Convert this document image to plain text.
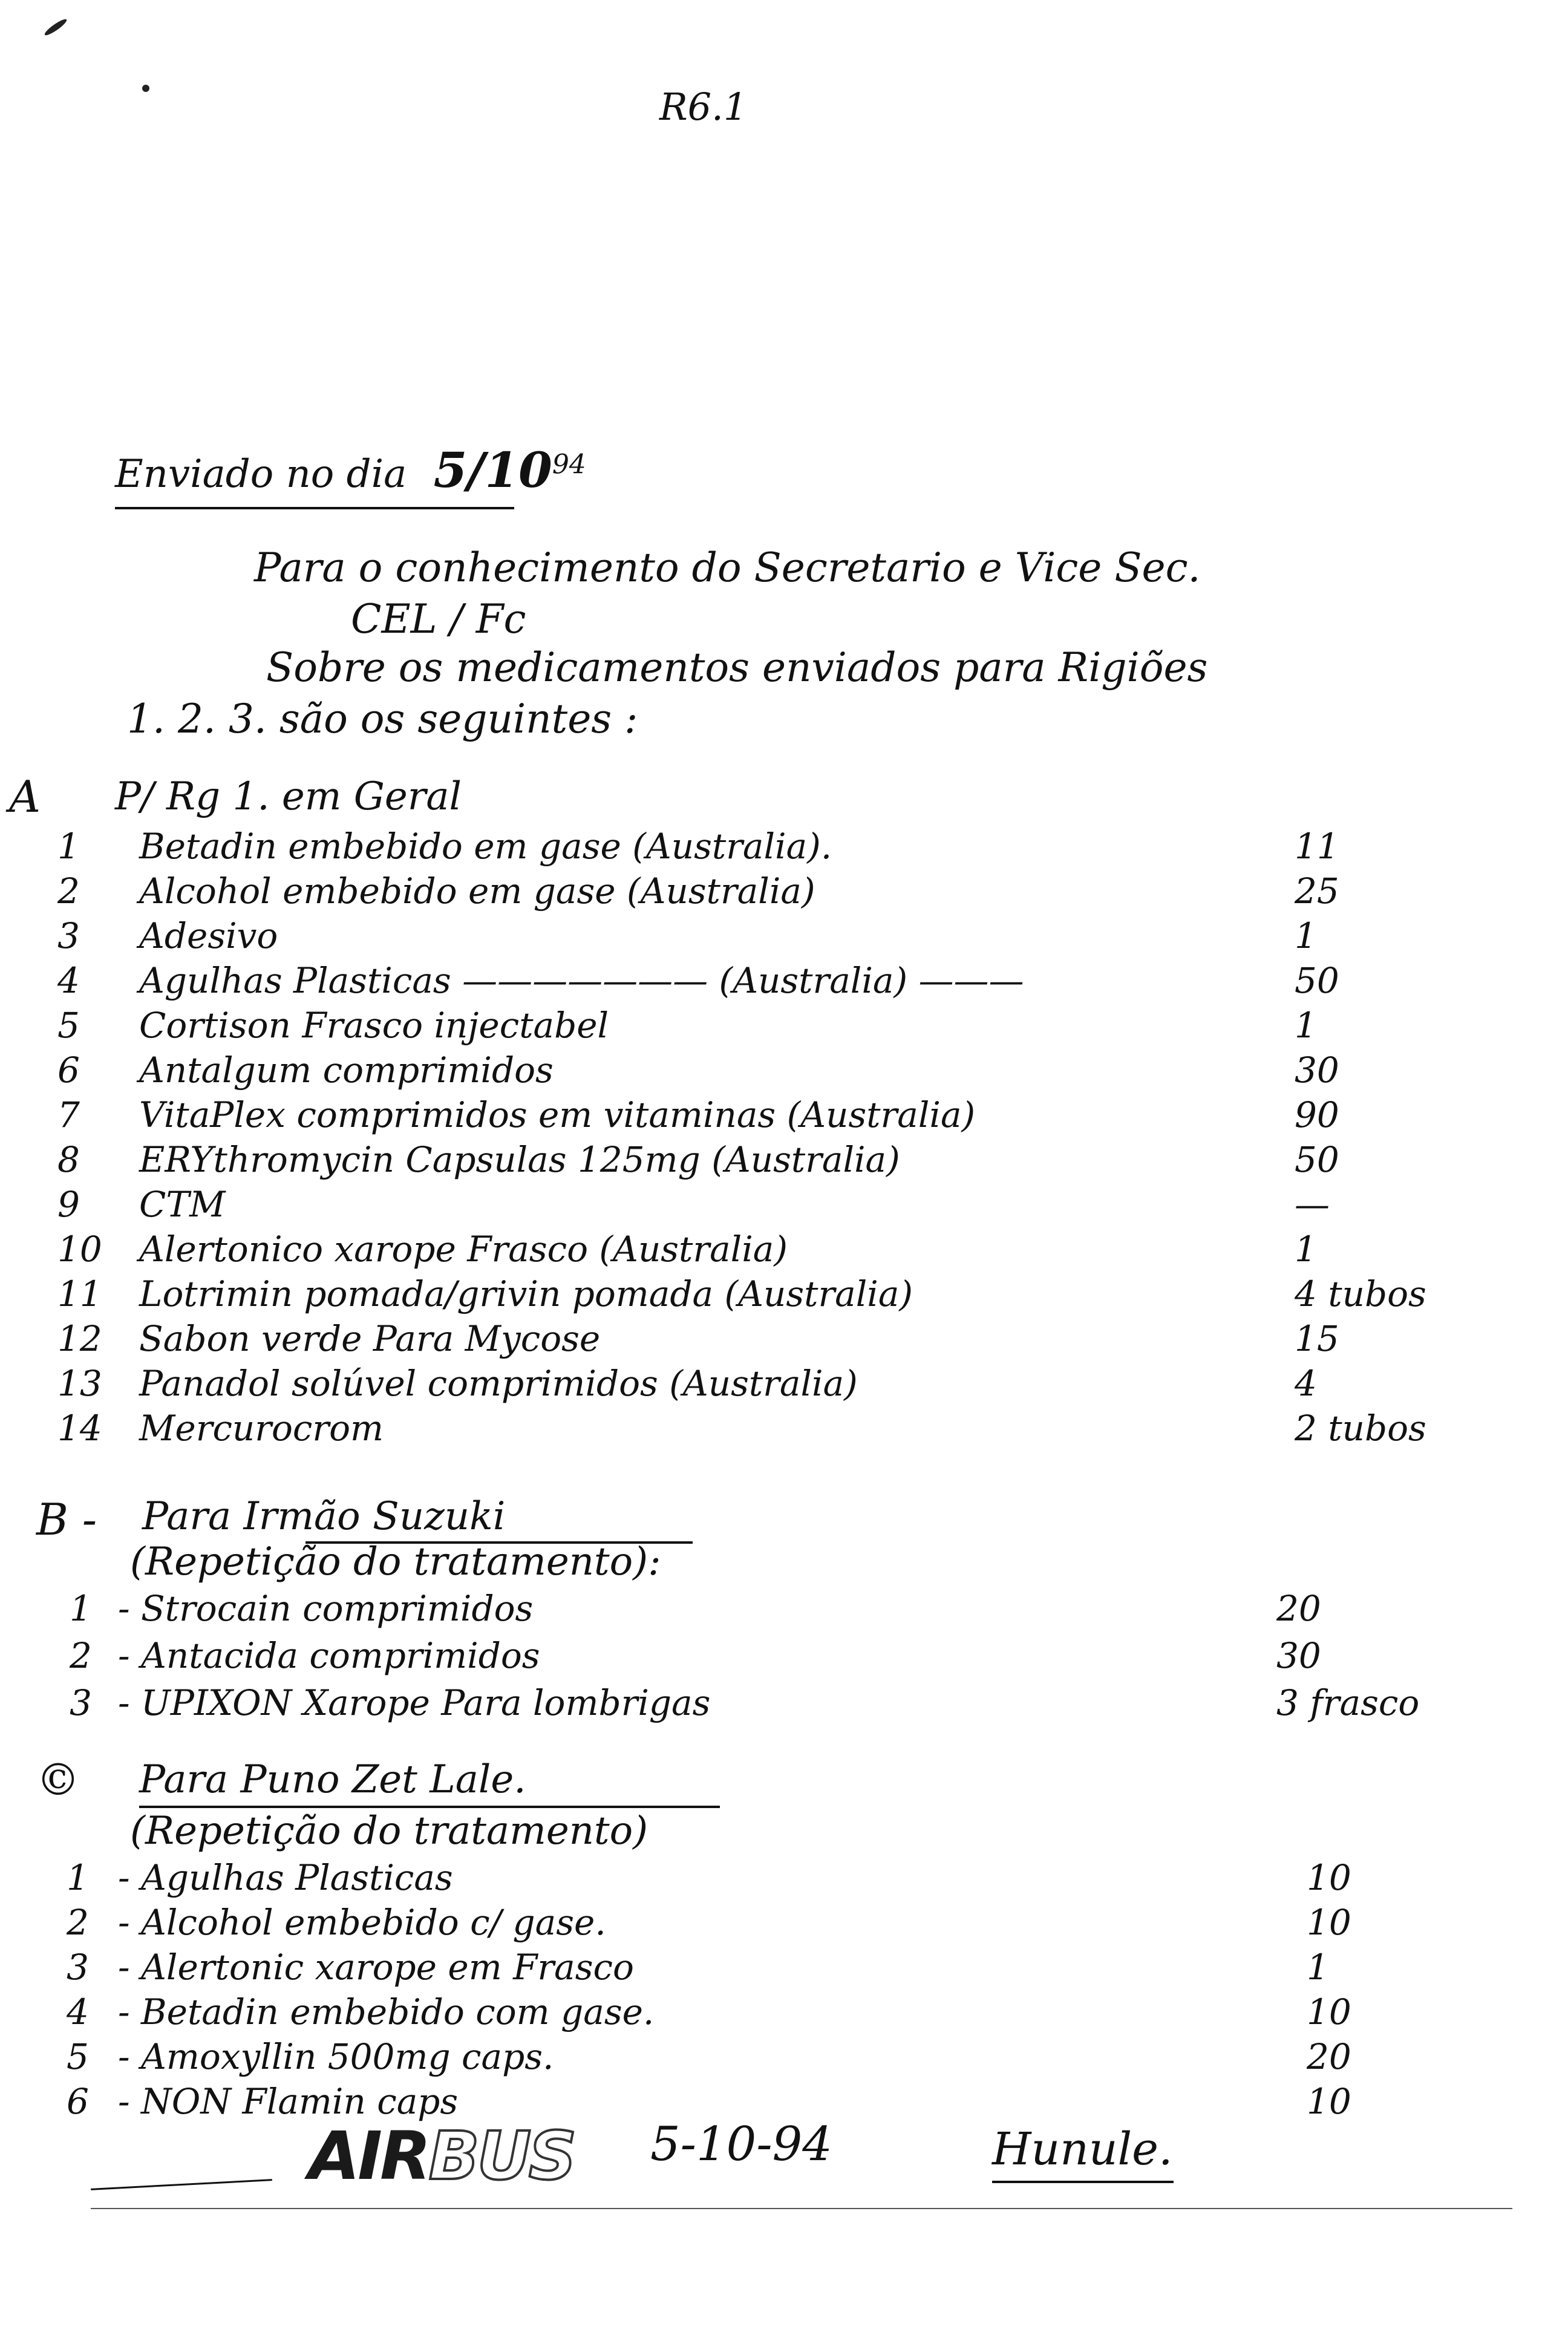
R6.1
Enviado no dia $5/10^{94}$
Para o conhecimento do Secretario e Vice Sec.
CEL / Fc
Sobre os medicamentos enviados para Rigiões
1. 2. 3. são os seguintes :
A P/ Rg 1. em Geral
1 Betadin embebido em gase (Australia).	11
2 Alcohol embebido em gase (Australia)	25
3 Adesivo	1
4 Agulhas Plasticas ——————— (Australia) ———	50
5 Cortison Frasco injectabel	1
6 Antalgum comprimidos	30
7 VitaPlex comprimidos em vitaminas (Australia)	90
8 ERYthromycin Capsulas 125mg (Australia)	50
9 CTM	—
10 Alertonico xarope Frasco (Australia)	1
11 Lotrimin pomada/grivin pomada (Australia)	4 tubos
12 Sabon verde Para Mycose	15
13 Panadol solúvel comprimidos (Australia)	4
14 Mercurocrom	2 tubos
B - Para Irmão Suzuki
(Repetição do tratamento):
1 - Strocain comprimidos	20
2 - Antacida comprimidos	30
3 - UPIXON Xarope Para lombrigas	3 frasco
© Para Puno Zet Lale.
(Repetição do tratamento)
1 - Agulhas Plasticas	10
2 - Alcohol embebido c/ gase.	10
3 - Alertonic xarope em Frasco	1
4 - Betadin embebido com gase.	10
5 - Amoxyllin 500mg caps.	20
6 - NON Flamin caps	10
AIRBUS 5-10-94	Hunule.
